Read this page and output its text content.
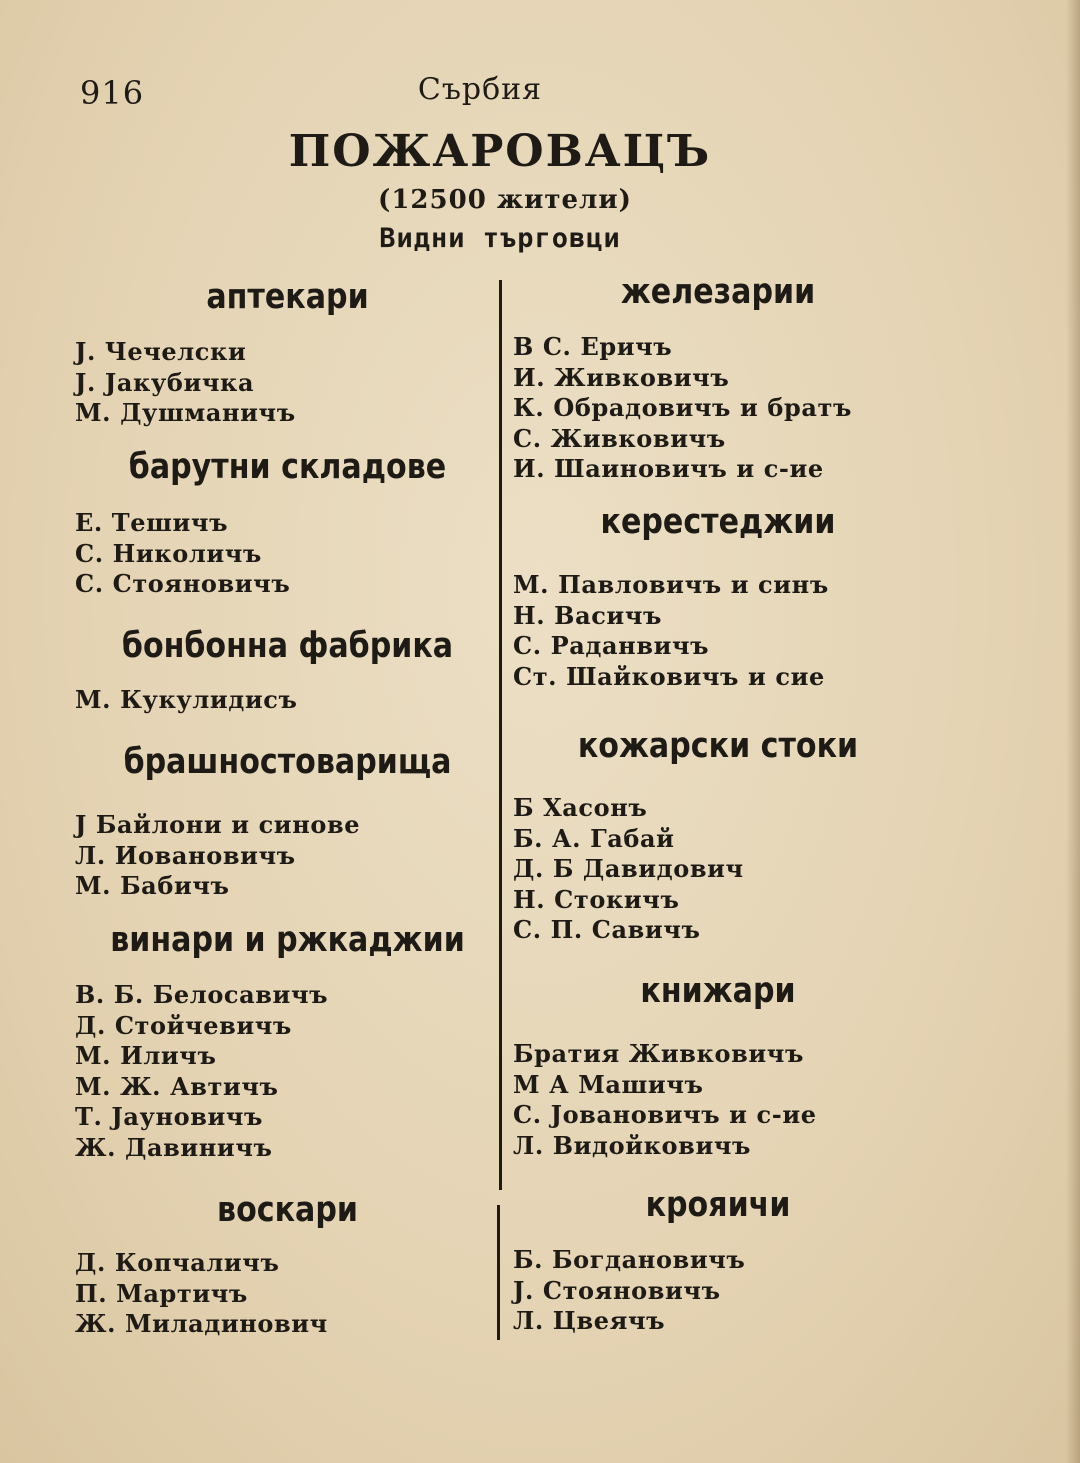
916	Сърбия
ПОЖАРОВАЦЪ
(12500 жители)
Видни търговци
аптекари
Ј. Чечелски
Ј. Јакубичка
М. Душманичъ
барутни складове
Е. Тешичъ
С. Николичъ
С. Стояновичъ
бонбонна фабрика
М. Кукулидисъ
брашностоварища
Ј Байлони и синове
Л. Иовановичъ
М. Бабичъ
винари и ржкаджии
В. Б. Белосавичъ
Д. Стойчевичъ
М. Иличъ
М. Ж. Автичъ
Т. Јауновичъ
Ж. Давиничъ
воскари
Д. Копчаличъ
П. Мартичъ
Ж. Миладинович
железарии
В С. Еричъ
И. Живковичъ
К. Обрадовичъ и братъ
С. Живковичъ
И. Шаиновичъ и с-ие
керестеджии
М. Павловичъ и синъ
Н. Васичъ
С. Раданвичъ
Ст. Шайковичъ и сие
кожарски стоки
Б Хасонъ
Б. А. Габай
Д. Б Давидович
Н. Стокичъ
С. П. Савичъ
книжари
Братия Живковичъ
М А Машичъ
С. Јовановичъ и с-ие
Л. Видойковичъ
крояичи
Б. Богдановичъ
Ј. Стояновичъ
Л. Цвеячъ
